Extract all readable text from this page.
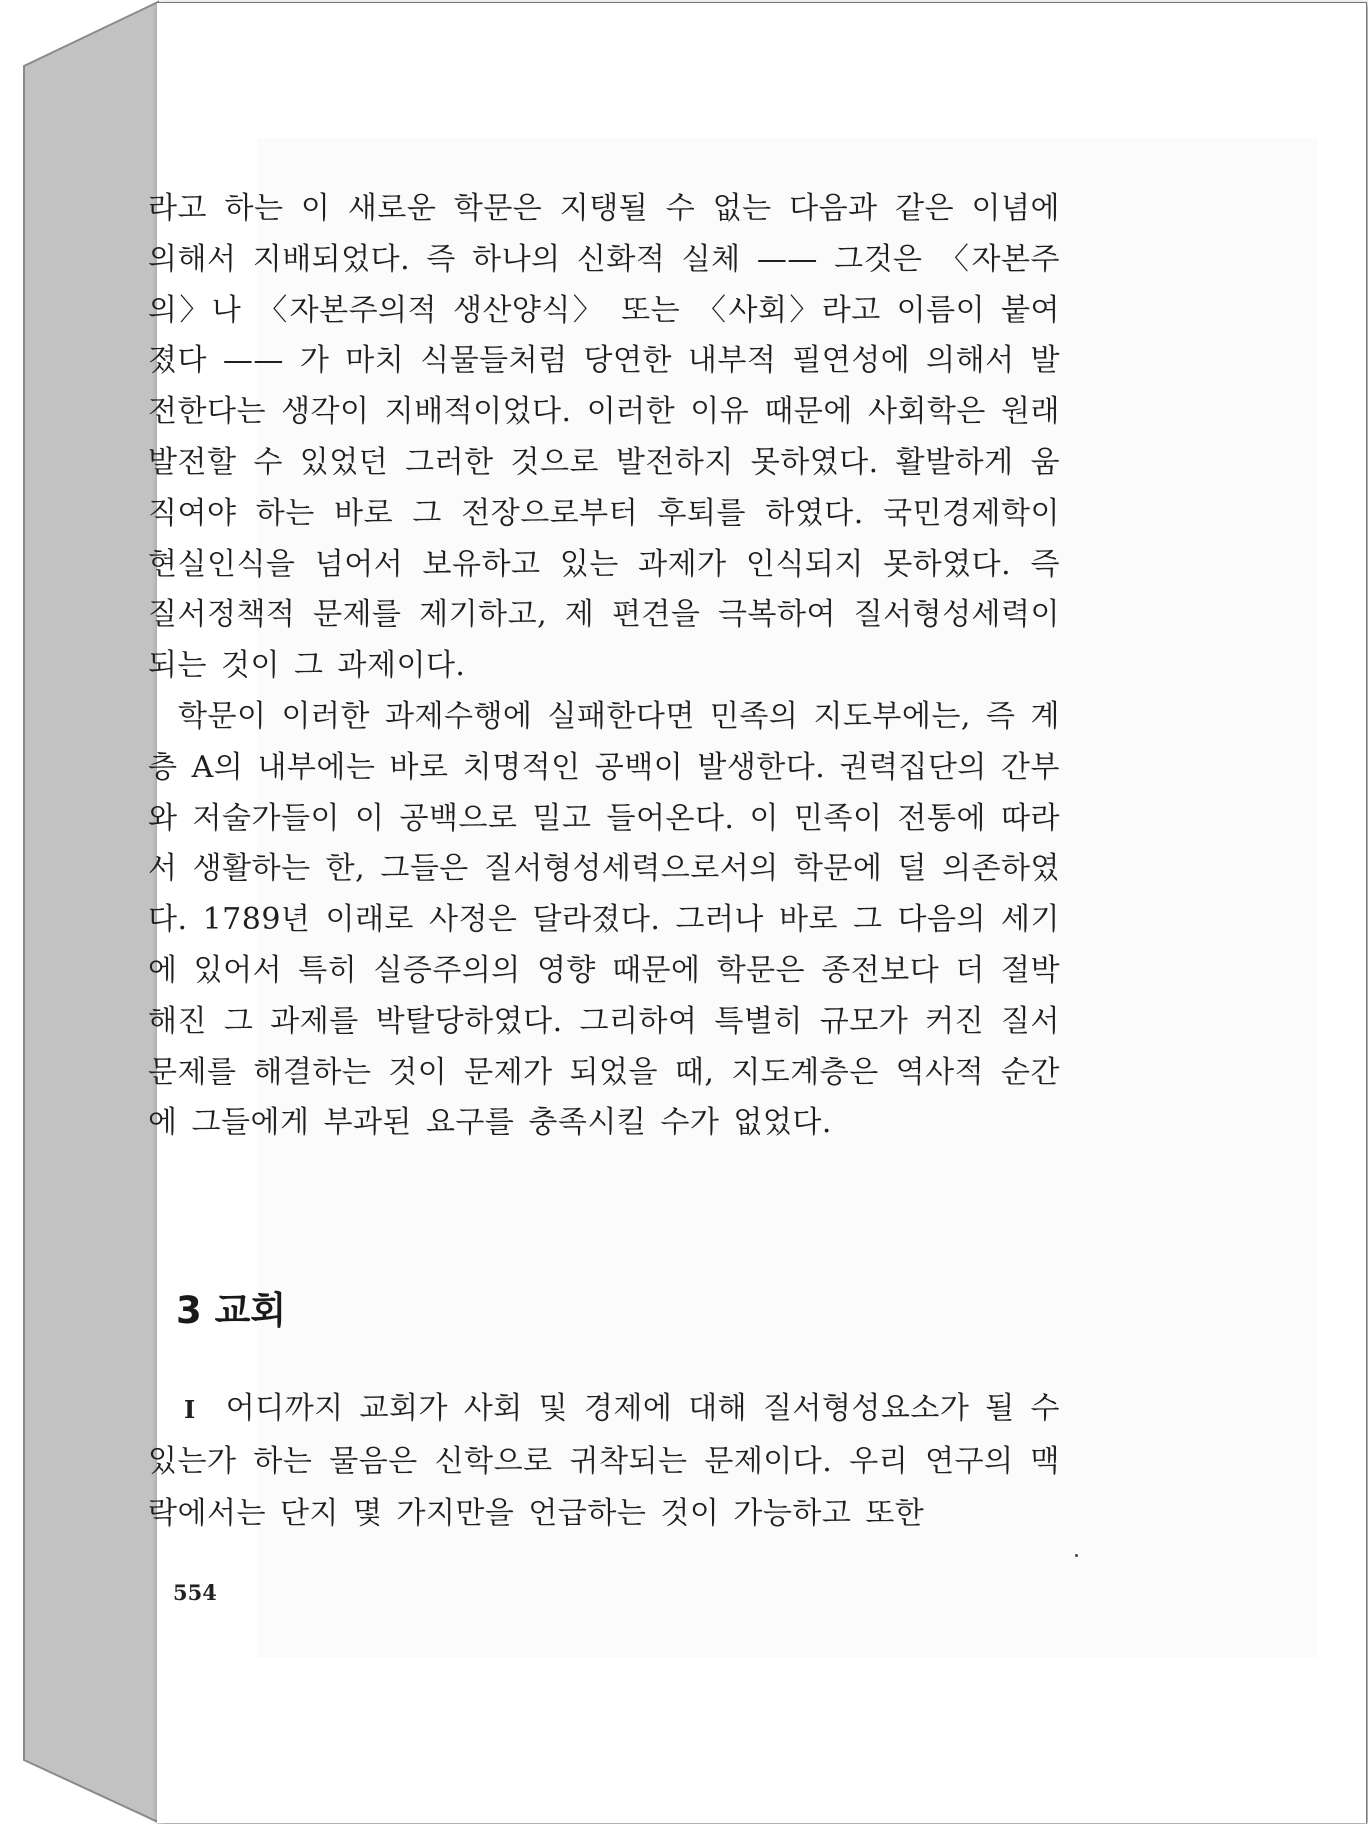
라고 하는 이 새로운 학문은 지탱될 수 없는 다음과 같은 이념에 의해서 지배되었다. 즉 하나의 신화적 실체 —— 그것은 〈자본주의〉나 〈자본주의적 생산양식〉 또는 〈사회〉라고 이름이 붙여졌다 —— 가 마치 식물들처럼 당연한 내부적 필연성에 의해서 발전한다는 생각이 지배적이었다. 이러한 이유 때문에 사회학은 원래 발전할 수 있었던 그러한 것으로 발전하지 못하였다. 활발하게 움직여야 하는 바로 그 전장으로부터 후퇴를 하였다. 국민경제학이 현실인식을 넘어서 보유하고 있는 과제가 인식되지 못하였다. 즉 질서정책적 문제를 제기하고, 제 편견을 극복하여 질서형성세력이 되는 것이 그 과제이다.

학문이 이러한 과제수행에 실패한다면 민족의 지도부에는, 즉 계층 A의 내부에는 바로 치명적인 공백이 발생한다. 권력집단의 간부와 저술가들이 이 공백으로 밀고 들어온다. 이 민족이 전통에 따라서 생활하는 한, 그들은 질서형성세력으로서의 학문에 덜 의존하였다. 1789년 이래로 사정은 달라졌다. 그러나 바로 그 다음의 세기에 있어서 특히 실증주의의 영향 때문에 학문은 종전보다 더 절박해진 그 과제를 박탈당하였다. 그리하여 특별히 규모가 커진 질서문제를 해결하는 것이 문제가 되었을 때, 지도계층은 역사적 순간에 그들에게 부과된 요구를 충족시킬 수가 없었다.

3 교회

I 어디까지 교회가 사회 및 경제에 대해 질서형성요소가 될 수 있는가 하는 물음은 신학으로 귀착되는 문제이다. 우리 연구의 맥락에서는 단지 몇 가지만을 언급하는 것이 가능하고 또한

554
